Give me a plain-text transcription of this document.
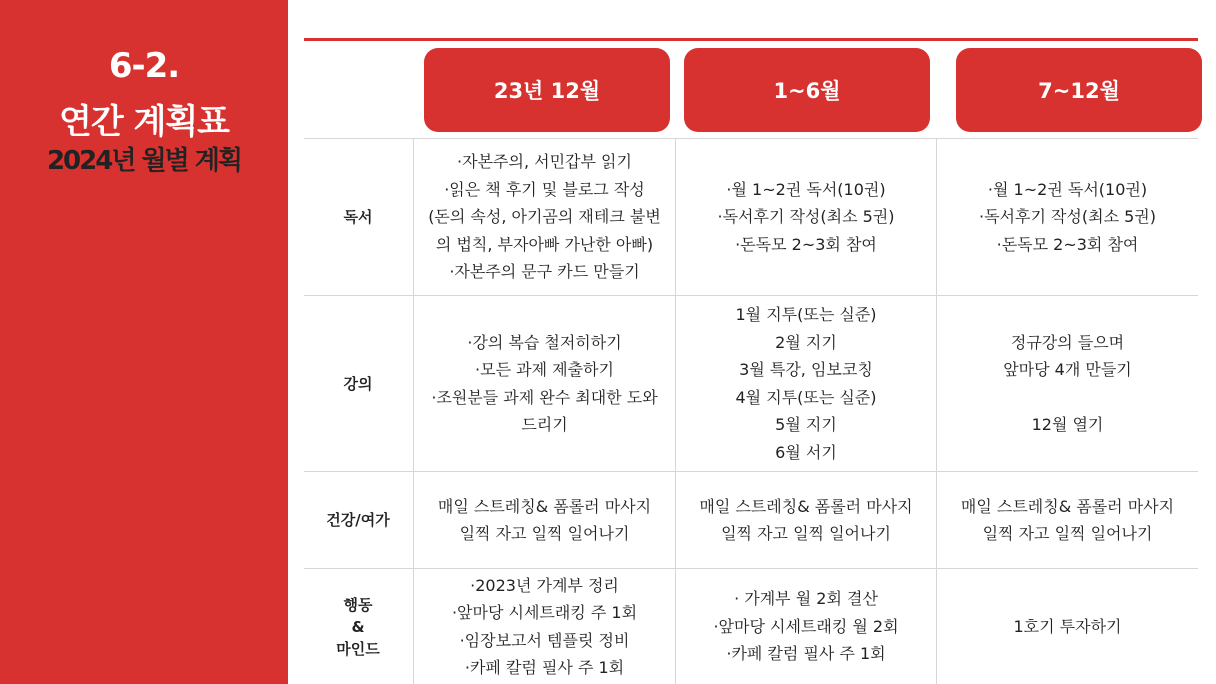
6-2.
연간 계획표
2024년 월별 계획
23년 12월	1~6월	7~12월
독서
·자본주의, 서민갑부 읽기
·읽은 책 후기 및 블로그 작성
(돈의 속성, 아기곰의 재테크 불변
의 법칙, 부자아빠 가난한 아빠)
·자본주의 문구 카드 만들기
·월 1~2권 독서(10권)
·독서후기 작성(최소 5권)
·돈독모 2~3회 참여
·월 1~2권 독서(10권)
·독서후기 작성(최소 5권)
·돈독모 2~3회 참여
강의
·강의 복습 철저히하기
·모든 과제 제출하기
·조원분들 과제 완수 최대한 도와
드리기
1월 지투(또는 실준)
2월 지기
3월 특강, 임보코칭
4월 지투(또는 실준)
5월 지기
6월 서기
정규강의 들으며
앞마당 4개 만들기
12월 열기
건강/여가
매일 스트레칭& 폼롤러 마사지
일찍 자고 일찍 일어나기
매일 스트레칭& 폼롤러 마사지
일찍 자고 일찍 일어나기
매일 스트레칭& 폼롤러 마사지
일찍 자고 일찍 일어나기
행동
&
마인드
·2023년 가계부 정리
·앞마당 시세트래킹 주 1회
·임장보고서 템플릿 정비
·카페 칼럼 필사 주 1회
· 가계부 월 2회 결산
·앞마당 시세트래킹 월 2회
·카페 칼럼 필사 주 1회
1호기 투자하기
